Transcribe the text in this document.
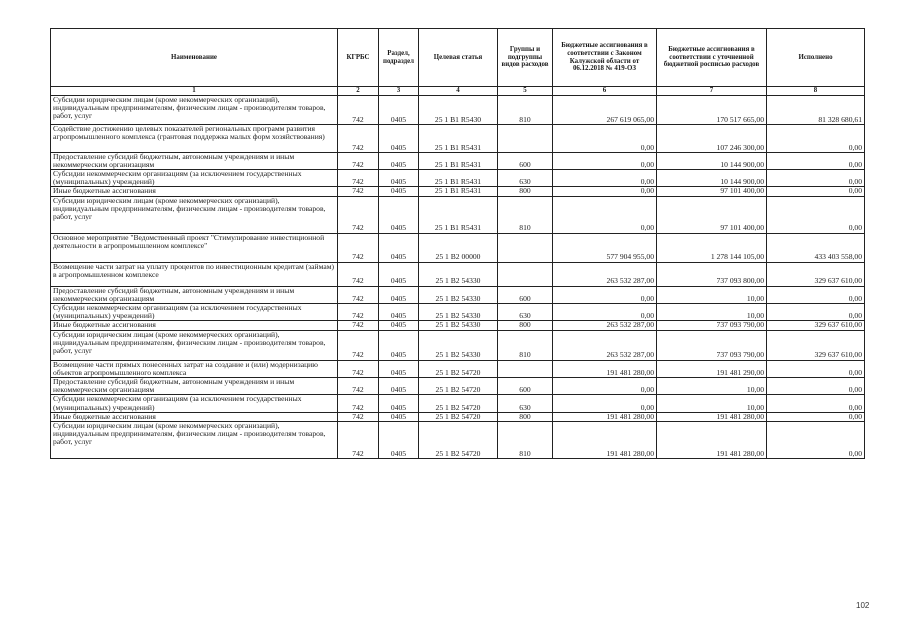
Наименование	КГРБС	Раздел, подраздел	Целевая статья	Группы и подгруппы видов расходов	Бюджетные ассигнования в соответствии с Законом Калужской области от 06.12.2018 № 419-ОЗ	Бюджетные ассигнования в соответствии с уточненной бюджетной росписью расходов	Исполнено
1	2	3	4	5	6	7	8
Субсидии юридическим лицам (кроме некоммерческих организаций), индивидуальным предпринимателям, физическим лицам - производителям товаров, работ, услуг	742	0405	25 1 B1 R5430	810	267 619 065,00	170 517 665,00	81 328 680,61
Содействие достижению целевых показателей региональных программ развития агропромышленного комплекса (грантовая поддержка малых форм хозяйствования)	742	0405	25 1 B1 R5431		0,00	107 246 300,00	0,00
Предоставление субсидий бюджетным, автономным учреждениям и иным некоммерческим организациям	742	0405	25 1 B1 R5431	600	0,00	10 144 900,00	0,00
Субсидии некоммерческим организациям (за исключением государственных (муниципальных) учреждений)	742	0405	25 1 B1 R5431	630	0,00	10 144 900,00	0,00
Иные бюджетные ассигнования	742	0405	25 1 B1 R5431	800	0,00	97 101 400,00	0,00
Субсидии юридическим лицам (кроме некоммерческих организаций), индивидуальным предпринимателям, физическим лицам - производителям товаров, работ, услуг	742	0405	25 1 B1 R5431	810	0,00	97 101 400,00	0,00
Основное мероприятие "Ведомственный проект "Стимулирование инвестиционной деятельности в агропромышленном комплексе"	742	0405	25 1 B2 00000		577 904 955,00	1 278 144 105,00	433 403 558,00
Возмещение части затрат на уплату процентов по инвестиционным кредитам (займам) в агропромышленном комплексе	742	0405	25 1 B2 54330		263 532 287,00	737 093 800,00	329 637 610,00
Предоставление субсидий бюджетным, автономным учреждениям и иным некоммерческим организациям	742	0405	25 1 B2 54330	600	0,00	10,00	0,00
Субсидии некоммерческим организациям (за исключением государственных (муниципальных) учреждений)	742	0405	25 1 B2 54330	630	0,00	10,00	0,00
Иные бюджетные ассигнования	742	0405	25 1 B2 54330	800	263 532 287,00	737 093 790,00	329 637 610,00
Субсидии юридическим лицам (кроме некоммерческих организаций), индивидуальным предпринимателям, физическим лицам - производителям товаров, работ, услуг	742	0405	25 1 B2 54330	810	263 532 287,00	737 093 790,00	329 637 610,00
Возмещение части прямых понесенных затрат на создание и (или) модернизацию объектов агропромышленного комплекса	742	0405	25 1 B2 54720		191 481 280,00	191 481 290,00	0,00
Предоставление субсидий бюджетным, автономным учреждениям и иным некоммерческим организациям	742	0405	25 1 B2 54720	600	0,00	10,00	0,00
Субсидии некоммерческим организациям (за исключением государственных (муниципальных) учреждений)	742	0405	25 1 B2 54720	630	0,00	10,00	0,00
Иные бюджетные ассигнования	742	0405	25 1 B2 54720	800	191 481 280,00	191 481 280,00	0,00
Субсидии юридическим лицам (кроме некоммерческих организаций), индивидуальным предпринимателям, физическим лицам - производителям товаров, работ, услуг	742	0405	25 1 B2 54720	810	191 481 280,00	191 481 280,00	0,00
102
